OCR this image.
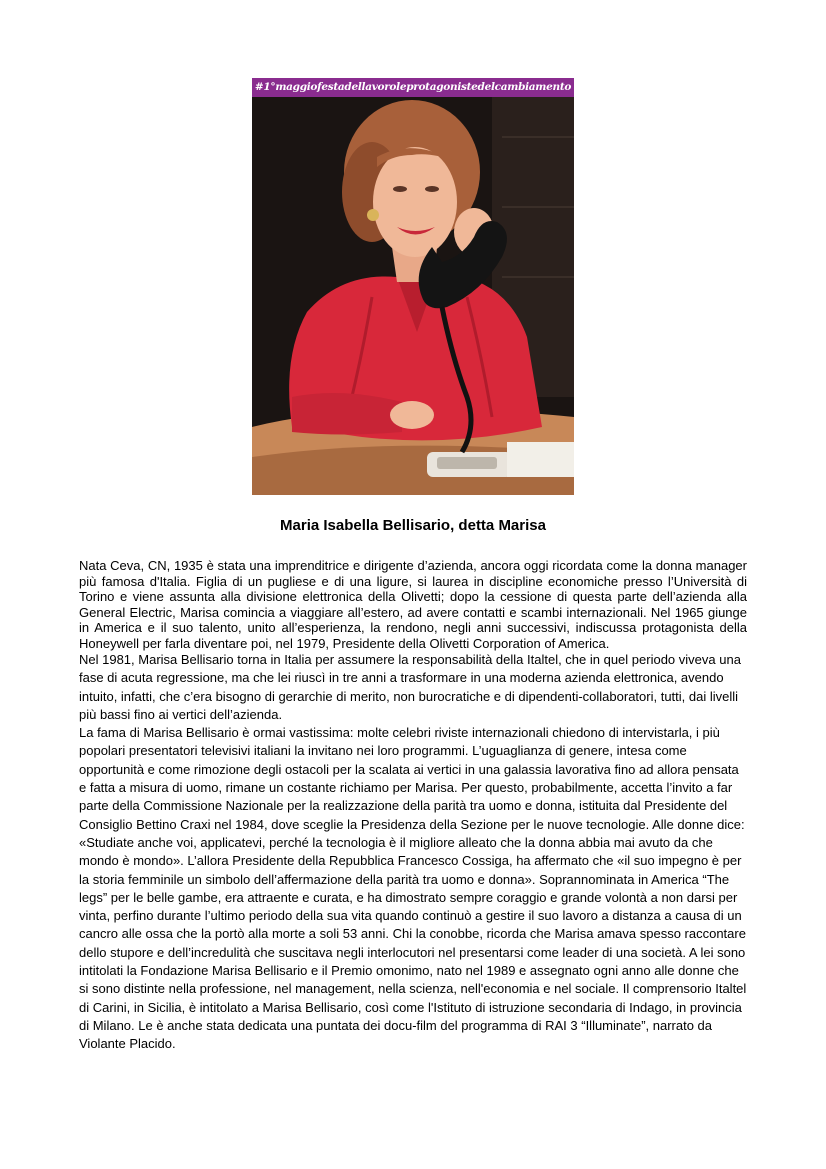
#1°maggiofestadellavoroleprotagonistedelcambiamento
Maria Isabella Bellisario, detta Marisa

Nata Ceva, CN, 1935 è stata una imprenditrice e dirigente d’azienda, ancora oggi ricordata come la donna manager più famosa d'Italia. Figlia di un pugliese e di una ligure, si laurea in discipline economiche presso l’Università di Torino e viene assunta alla divisione elettronica della Olivetti; dopo la cessione di questa parte dell’azienda alla General Electric, Marisa comincia a viaggiare all’estero, ad avere contatti e scambi internazionali. Nel 1965 giunge in America e il suo talento, unito all’esperienza, la rendono, negli anni successivi, indiscussa protagonista della Honeywell per farla diventare poi, nel 1979, Presidente della Olivetti Corporation of America.

Nel 1981, Marisa Bellisario torna in Italia per assumere la responsabilità della Italtel, che in quel periodo viveva una fase di acuta regressione, ma che lei riuscì in tre anni a trasformare in una moderna azienda elettronica, avendo intuito, infatti, che c’era bisogno di gerarchie di merito, non burocratiche e di dipendenti-collaboratori, tutti, dai livelli più bassi fino ai vertici dell’azienda.

La fama di Marisa Bellisario è ormai vastissima: molte celebri riviste internazionali chiedono di intervistarla, i più popolari presentatori televisivi italiani la invitano nei loro programmi. L’uguaglianza di genere, intesa come opportunità e come rimozione degli ostacoli per la scalata ai vertici in una galassia lavorativa fino ad allora pensata e fatta a misura di uomo, rimane un costante richiamo per Marisa. Per questo, probabilmente, accetta l’invito a far parte della Commissione Nazionale per la realizzazione della parità tra uomo e donna, istituita dal Presidente del Consiglio Bettino Craxi nel 1984, dove sceglie la Presidenza della Sezione per le nuove tecnologie. Alle donne dice: «Studiate anche voi, applicatevi, perché la tecnologia è il migliore alleato che la donna abbia mai avuto da che mondo è mondo». L’allora Presidente della Repubblica Francesco Cossiga, ha affermato che «il suo impegno è per la storia femminile un simbolo dell’affermazione della parità tra uomo e donna». Soprannominata in America “The legs” per le belle gambe, era attraente e curata, e ha dimostrato sempre coraggio e grande volontà a non darsi per vinta, perfino durante l’ultimo periodo della sua vita quando continuò a gestire il suo lavoro a distanza a causa di un cancro alle ossa che la portò alla morte a soli 53 anni. Chi la conobbe, ricorda che Marisa amava spesso raccontare dello stupore e dell’incredulità che suscitava negli interlocutori nel presentarsi come leader di una società. A lei sono intitolati la Fondazione Marisa Bellisario e il Premio omonimo, nato nel 1989 e assegnato ogni anno alle donne che si sono distinte nella professione, nel management, nella scienza, nell'economia e nel sociale. Il comprensorio Italtel di Carini, in Sicilia, è intitolato a Marisa Bellisario, così come l'Istituto di istruzione secondaria di Indago, in provincia di Milano. Le è anche stata dedicata una puntata dei docu-film del programma di RAI 3 “Illuminate”, narrato da Violante Placido.
